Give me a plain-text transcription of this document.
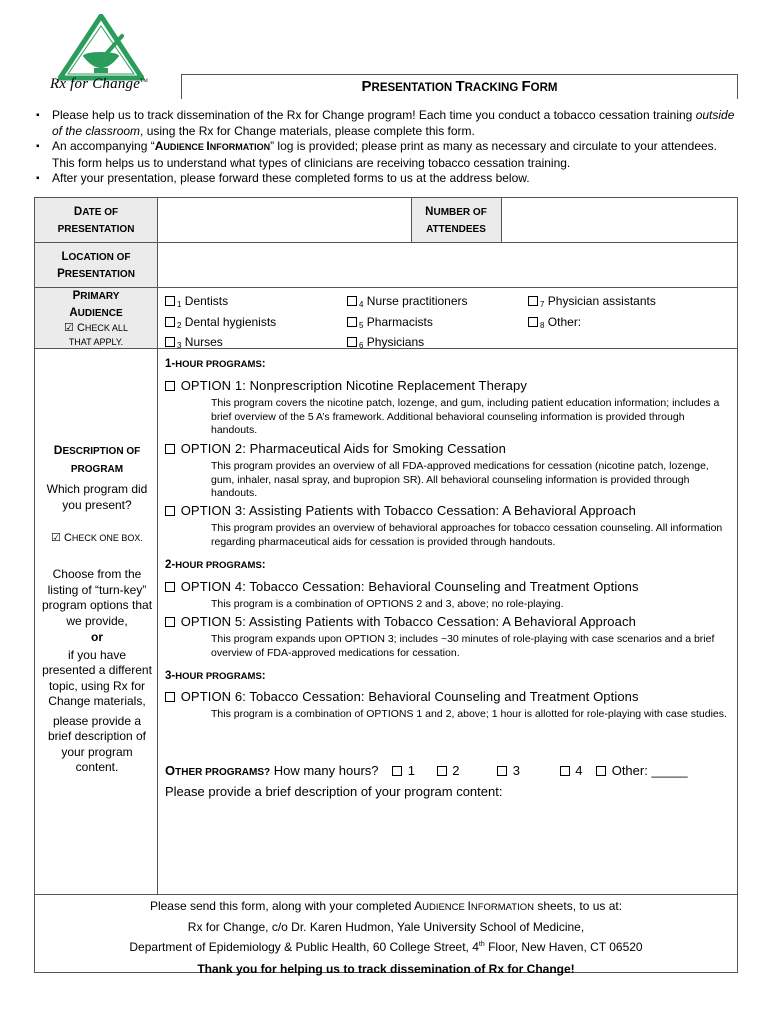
Rx for Change™	PRESENTATION TRACKING FORM
▪	Please help us to track dissemination of the Rx for Change program! Each time you conduct a tobacco cessation training outside of the classroom, using the Rx for Change materials, please complete this form.
▪	An accompanying “AUDIENCE INFORMATION” log is provided; please print as many as necessary and circulate to your attendees. This form helps us to understand what types of clinicians are receiving tobacco cessation training.
▪	After your presentation, please forward these completed forms to us at the address below.
DATE OF
PRESENTATION
NUMBER OF
ATTENDEES
LOCATION OF
PRESENTATION
PRIMARY
AUDIENCE
☑ CHECK ALL
THAT APPLY.
$_1$ Dentists
$_2$ Dental hygienists
$_3$ Nurses
$_4$ Nurse practitioners
$_5$ Pharmacists
$_6$ Physicians
$_7$ Physician assistants
$_8$ Other:
DESCRIPTION OF
PROGRAM
Which program did you present?
☑ CHECK ONE BOX.
Choose from the listing of “turn-key” program options that we provide,
or
if you have presented a different topic, using Rx for Change materials,
please provide a brief description of your program content.
1-HOUR PROGRAMS:
OPTION 1: Nonprescription Nicotine Replacement Therapy
This program covers the nicotine patch, lozenge, and gum, including patient education information; includes a brief overview of the 5 A’s framework. Additional behavioral counseling information is provided through handouts.
OPTION 2: Pharmaceutical Aids for Smoking Cessation
This program provides an overview of all FDA-approved medications for cessation (nicotine patch, lozenge, gum, inhaler, nasal spray, and bupropion SR). All behavioral counseling information is provided through handouts.
OPTION 3: Assisting Patients with Tobacco Cessation: A Behavioral Approach
This program provides an overview of behavioral approaches for tobacco cessation counseling. All information regarding pharmaceutical aids for cessation is provided through handouts.
2-HOUR PROGRAMS:
OPTION 4: Tobacco Cessation: Behavioral Counseling and Treatment Options
This program is a combination of OPTIONS 2 and 3, above; no role-playing.
OPTION 5: Assisting Patients with Tobacco Cessation: A Behavioral Approach
This program expands upon OPTION 3; includes ~30 minutes of role-playing with case scenarios and a brief overview of FDA-approved medications for cessation.
3-HOUR PROGRAMS:
OPTION 6: Tobacco Cessation: Behavioral Counseling and Treatment Options
This program is a combination of OPTIONS 1 and 2, above; 1 hour is allotted for role-playing with case studies.
OTHER PROGRAMS? How many hours? 1	2	3	4 Other: _____
Please provide a brief description of your program content:
Please send this form, along with your completed AUDIENCE INFORMATION sheets, to us at:
Rx for Change, c/o Dr. Karen Hudmon, Yale University School of Medicine,
Department of Epidemiology & Public Health, 60 College Street, 4th Floor, New Haven, CT 06520
Thank you for helping us to track dissemination of Rx for Change!
